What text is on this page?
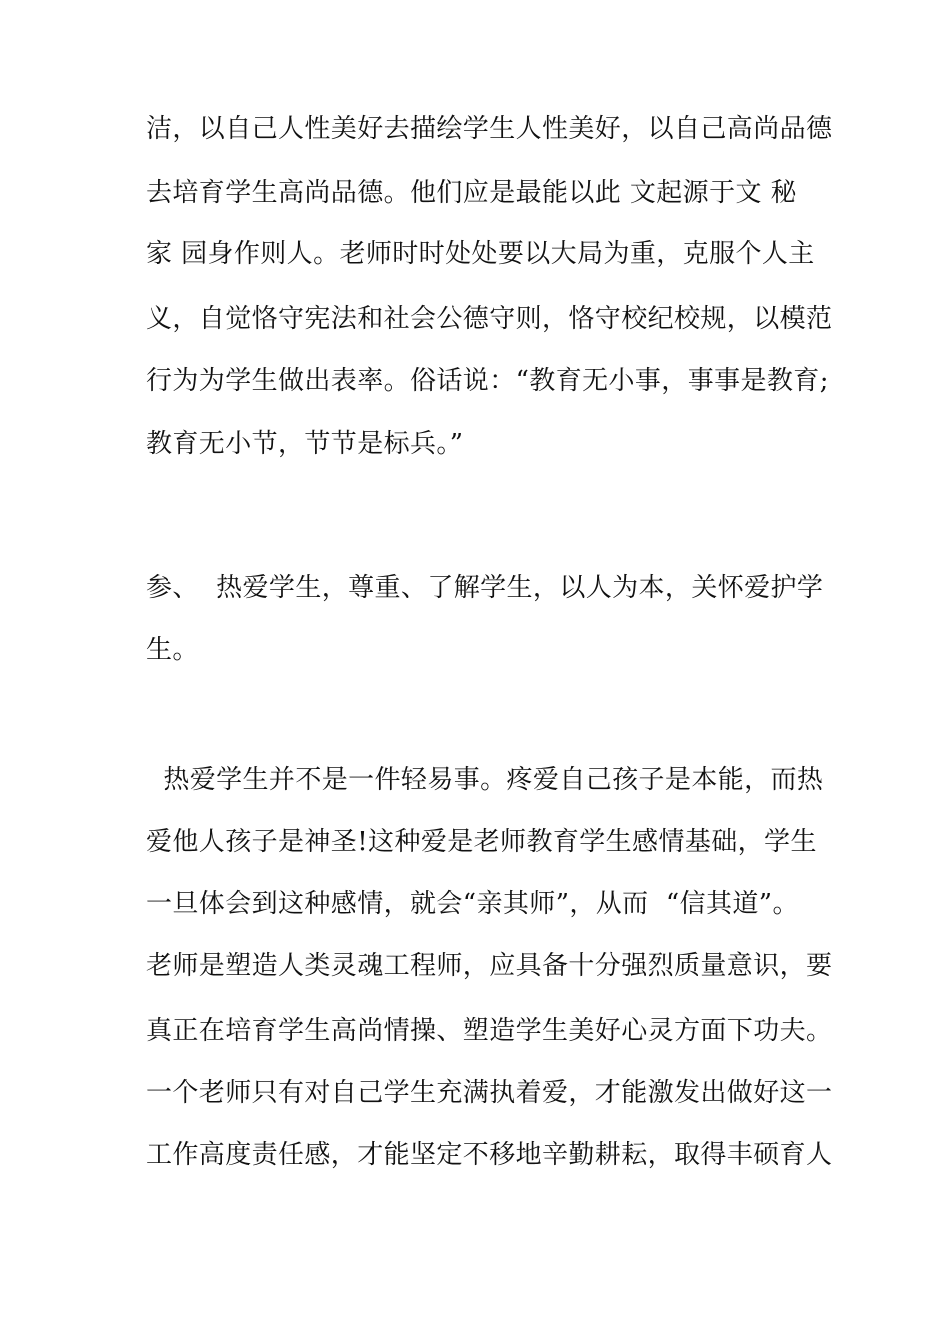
洁，以自己人性美好去描绘学生人性美好，以自己高尚品德
去培育学生高尚品德。他们应是最能以此 文起源于文 秘
家 园身作则人。老师时时处处要以大局为重，克服个人主
义，自觉恪守宪法和社会公德守则，恪守校纪校规，以模范
行为为学生做出表率。俗话说：“教育无小事，事事是教育;
教育无小节，节节是标兵。”
参、  热爱学生，尊重、了解学生，以人为本，关怀爱护学
生。
热爱学生并不是一件轻易事。疼爱自己孩子是本能，而热
爱他人孩子是神圣!这种爱是老师教育学生感情基础，学生
一旦体会到这种感情，就会“亲其师”，从而  “信其道”。
老师是塑造人类灵魂工程师，应具备十分强烈质量意识，要
真正在培育学生高尚情操、塑造学生美好心灵方面下功夫。
一个老师只有对自己学生充满执着爱，才能激发出做好这一
工作高度责任感，才能坚定不移地辛勤耕耘，取得丰硕育人
